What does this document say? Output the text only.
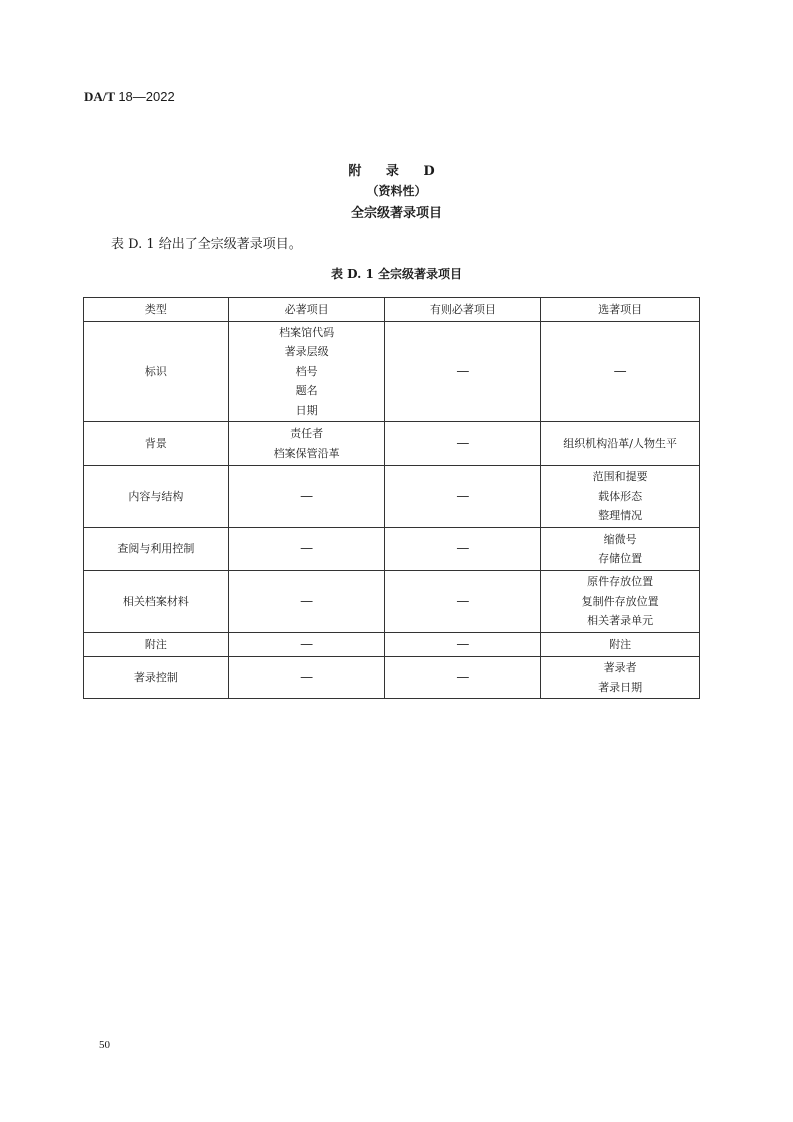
DA/T 18—2022
附 录 D
（资料性）
全宗级著录项目
表 D. 1 给出了全宗级著录项目。
表 D. 1 全宗级著录项目
类型	必著项目	有则必著项目	选著项目
标识	档案馆代码
著录层级
档号
题名
日期	—	—
背景	责任者
档案保管沿革	—	组织机构沿革/人物生平
内容与结构	—	—	范围和提要
载体形态
整理情况

查阅与利用控制	—	—	缩微号
存储位置

相关档案材料	—	—	原件存放位置
复制件存放位置
相关著录单元

附注	—	—	附注
著录控制	—	—	著录者
著录日期
50
